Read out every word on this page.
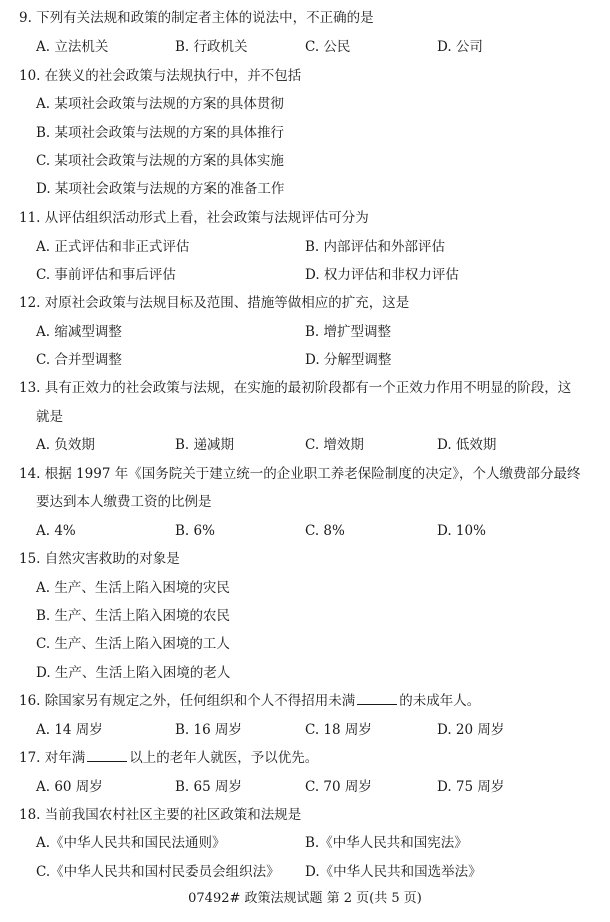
9. 下列有关法规和政策的制定者主体的说法中，不正确的是
A. 立法机关	B. 行政机关	C. 公民	D. 公司
10. 在狭义的社会政策与法规执行中，并不包括
A. 某项社会政策与法规的方案的具体贯彻
B. 某项社会政策与法规的方案的具体推行
C. 某项社会政策与法规的方案的具体实施
D. 某项社会政策与法规的方案的准备工作
11. 从评估组织活动形式上看，社会政策与法规评估可分为
A. 正式评估和非正式评估	B. 内部评估和外部评估
C. 事前评估和事后评估	D. 权力评估和非权力评估
12. 对原社会政策与法规目标及范围、措施等做相应的扩充，这是
A. 缩减型调整	B. 增扩型调整
C. 合并型调整	D. 分解型调整
13. 具有正效力的社会政策与法规，在实施的最初阶段都有一个正效力作用不明显的阶段，这
就是
A. 负效期	B. 递减期	C. 增效期	D. 低效期
14. 根据 1997 年《国务院关于建立统一的企业职工养老保险制度的决定》，个人缴费部分最终
要达到本人缴费工资的比例是
A. 4%	B. 6%	C. 8%	D. 10%
15. 自然灾害救助的对象是
A. 生产、生活上陷入困境的灾民
B. 生产、生活上陷入困境的农民
C. 生产、生活上陷入困境的工人
D. 生产、生活上陷入困境的老人
16. 除国家另有规定之外，任何组织和个人不得招用未满	的未成年人。
A. 14 周岁	B. 16 周岁	C. 18 周岁	D. 20 周岁
17. 对年满	以上的老年人就医，予以优先。
A. 60 周岁	B. 65 周岁	C. 70 周岁	D. 75 周岁
18. 当前我国农村社区主要的社区政策和法规是
A.《中华人民共和国民法通则》	B.《中华人民共和国宪法》
C.《中华人民共和国村民委员会组织法》 D.《中华人民共和国选举法》
07492# 政策法规试题 第 2 页(共 5 页)
